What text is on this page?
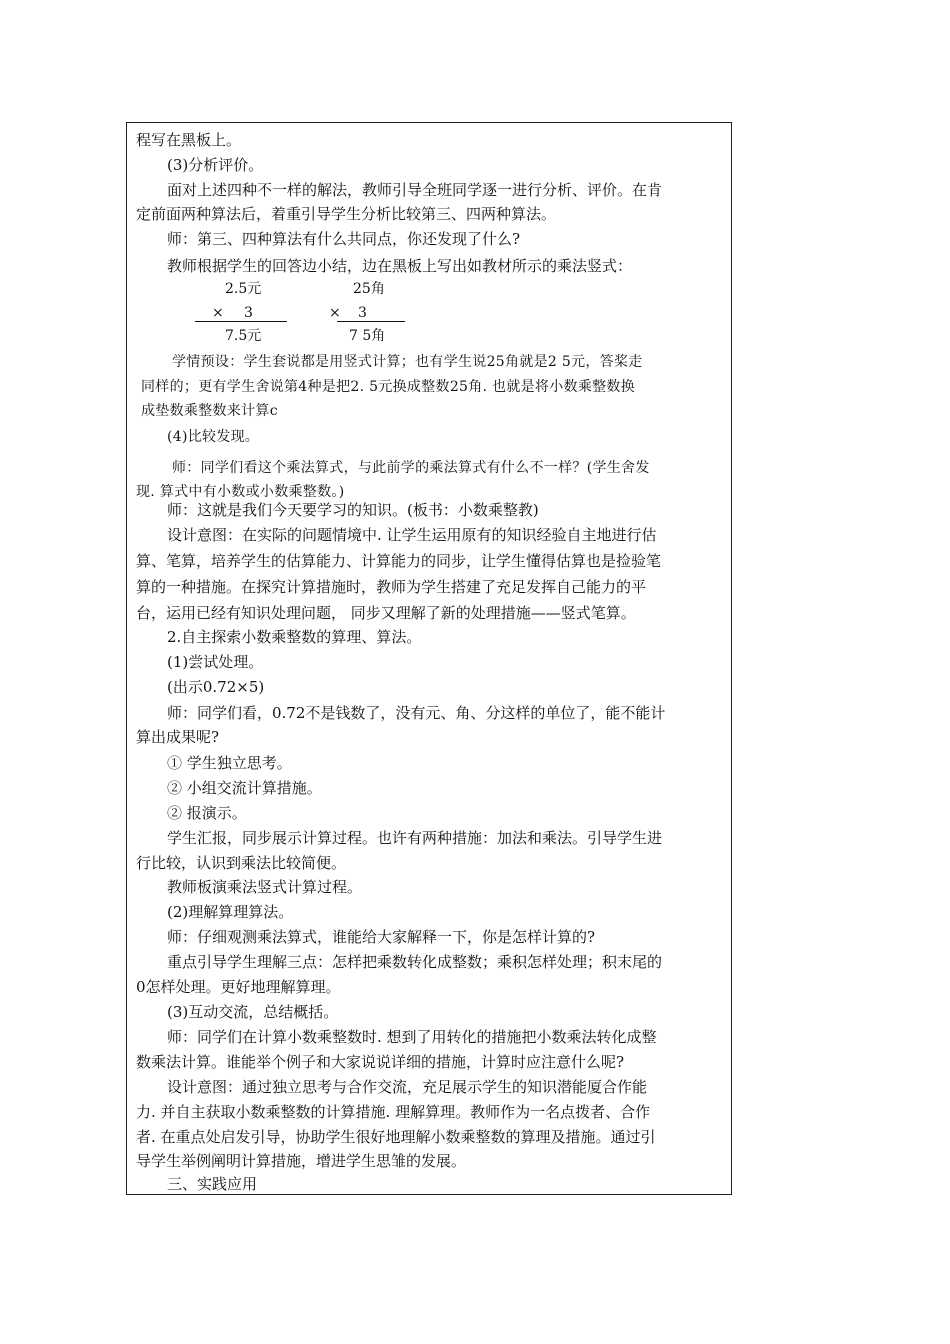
程写在黑板上。
(3)分析评价。
面对上述四种不一样的解法，教师引导全班同学逐一进行分析、评价。在肯
定前面两种算法后，着重引导学生分析比较第三、四两种算法。
师：第三、四种算法有什么共同点，你还发现了什么?
教师根据学生的回答边小结，边在黑板上写出如教材所示的乘法竖式：
2.5元
× 3
7.5元
25角
× 3
7 5角
学情预设：学生套说都是用竖式计算；也有学生说25角就是2 5元，答桨走
同样的；更有学生舍说第4种是把2. 5元换成整数25角. 也就是将小数乘整数换
成垫数乘整数来计算c
(4)比较发现。
师：同学们看这个乘法算式，与此前学的乘法算式有什么不一样？(学生舍发
现. 算式中有小数或小数乘整数。)
师：这就是我们今天要学习的知识。(板书：小数乘整教)
设计意图：在实际的问题情境中. 让学生运用原有的知识经验自主地进行估
算、笔算，培养学生的估算能力、计算能力的同步，让学生懂得估算也是捡验笔
算的一种措施。在探究计算措施时，教师为学生搭建了充足发挥自己能力的平
台，运用已经有知识处理问题， 同步又理解了新的处理措施——竖式笔算。
2.自主探索小数乘整数的算理、算法。
(1)尝试处理。
(出示0.72×5)
师：同学们看，0.72不是钱数了，没有元、角、分这样的单位了，能不能计
算出成果呢?
① 学生独立思考。
② 小组交流计算措施。
② 报演示。
学生汇报，同步展示计算过程。也许有两种措施：加法和乘法。引导学生进
行比较，认识到乘法比较简便。
教师板演乘法竖式计算过程。
(2)理解算理算法。
师：仔细观测乘法算式，谁能给大家解释一下，你是怎样计算的?
重点引导学生理解三点：怎样把乘数转化成整数；乘积怎样处理；积末尾的
0怎样处理。更好地理解算理。
(3)互动交流，总结概括。
师：同学们在计算小数乘整数时. 想到了用转化的措施把小数乘法转化成整
数乘法计算。谁能举个例子和大家说说详细的措施，计算时应注意什么呢?
设计意图：通过独立思考与合作交流，充足展示学生的知识潜能厦合作能
力. 并自主获取小数乘整数的计算措施. 理解算理。教师作为一名点拨者、合作
者. 在重点处启发引导，协助学生很好地理解小数乘整数的算理及措施。通过引
导学生举例阐明计算措施，增进学生思雏的发展。
三、实践应用
